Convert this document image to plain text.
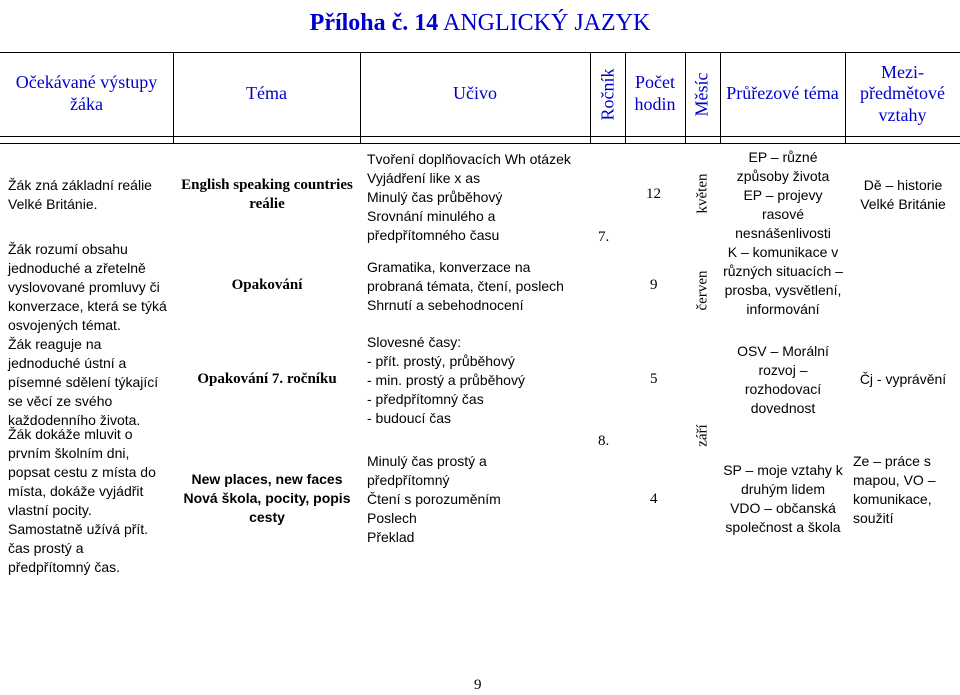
Příloha č. 14 ANGLICKÝ JAZYK
Očekávané výstupy žáka
Téma	Učivo	Ročník Počet hodin Měsíc Průřezové téma
Mezi-předmětové vztahy
Žák zná základní reálie Velké Británie.
Žák rozumí obsahu jednoduché a zřetelně vyslovované promluvy či konverzace, která se týká osvojených témat.
Žák reaguje na jednoduché ústní a písemné sdělení týkající se věcí ze svého každodenního života.
Žák dokáže mluvit o prvním školním dni, popsat cestu z místa do místa, dokáže vyjádřit vlastní pocity. Samostatně užívá přít. čas prostý a předpřítomný čas.
English speaking countries reálie
Opakování
Opakování 7. ročníku
New places, new faces Nová škola, pocity, popis cesty
Tvoření doplňovacích Wh otázek
Vyjádření like x as
Minulý čas průběhový
Srovnání minulého a předpřítomného času
Gramatika, konverzace na probraná témata, čtení, poslech
Shrnutí a sebehodnocení
Slovesné časy:
- přít. prostý, průběhový
- min. prostý a průběhový
- předpřítomný čas
- budoucí čas
Minulý čas prostý a předpřítomný
Čtení s porozuměním
Poslech
Překlad
7.
8.
12
9
5
4
květen
červen
září
EP – různé způsoby života
EP – projevy rasové nesnášenlivosti
K – komunikace v různých situacích – prosba, vysvětlení, informování
OSV – Morální rozvoj – rozhodovací dovednost
SP – moje vztahy k druhým lidem
VDO – občanská společnost a škola
Dě – historie Velké Británie
Čj - vyprávění
Ze – práce s mapou, VO – komunikace, soužití
9
